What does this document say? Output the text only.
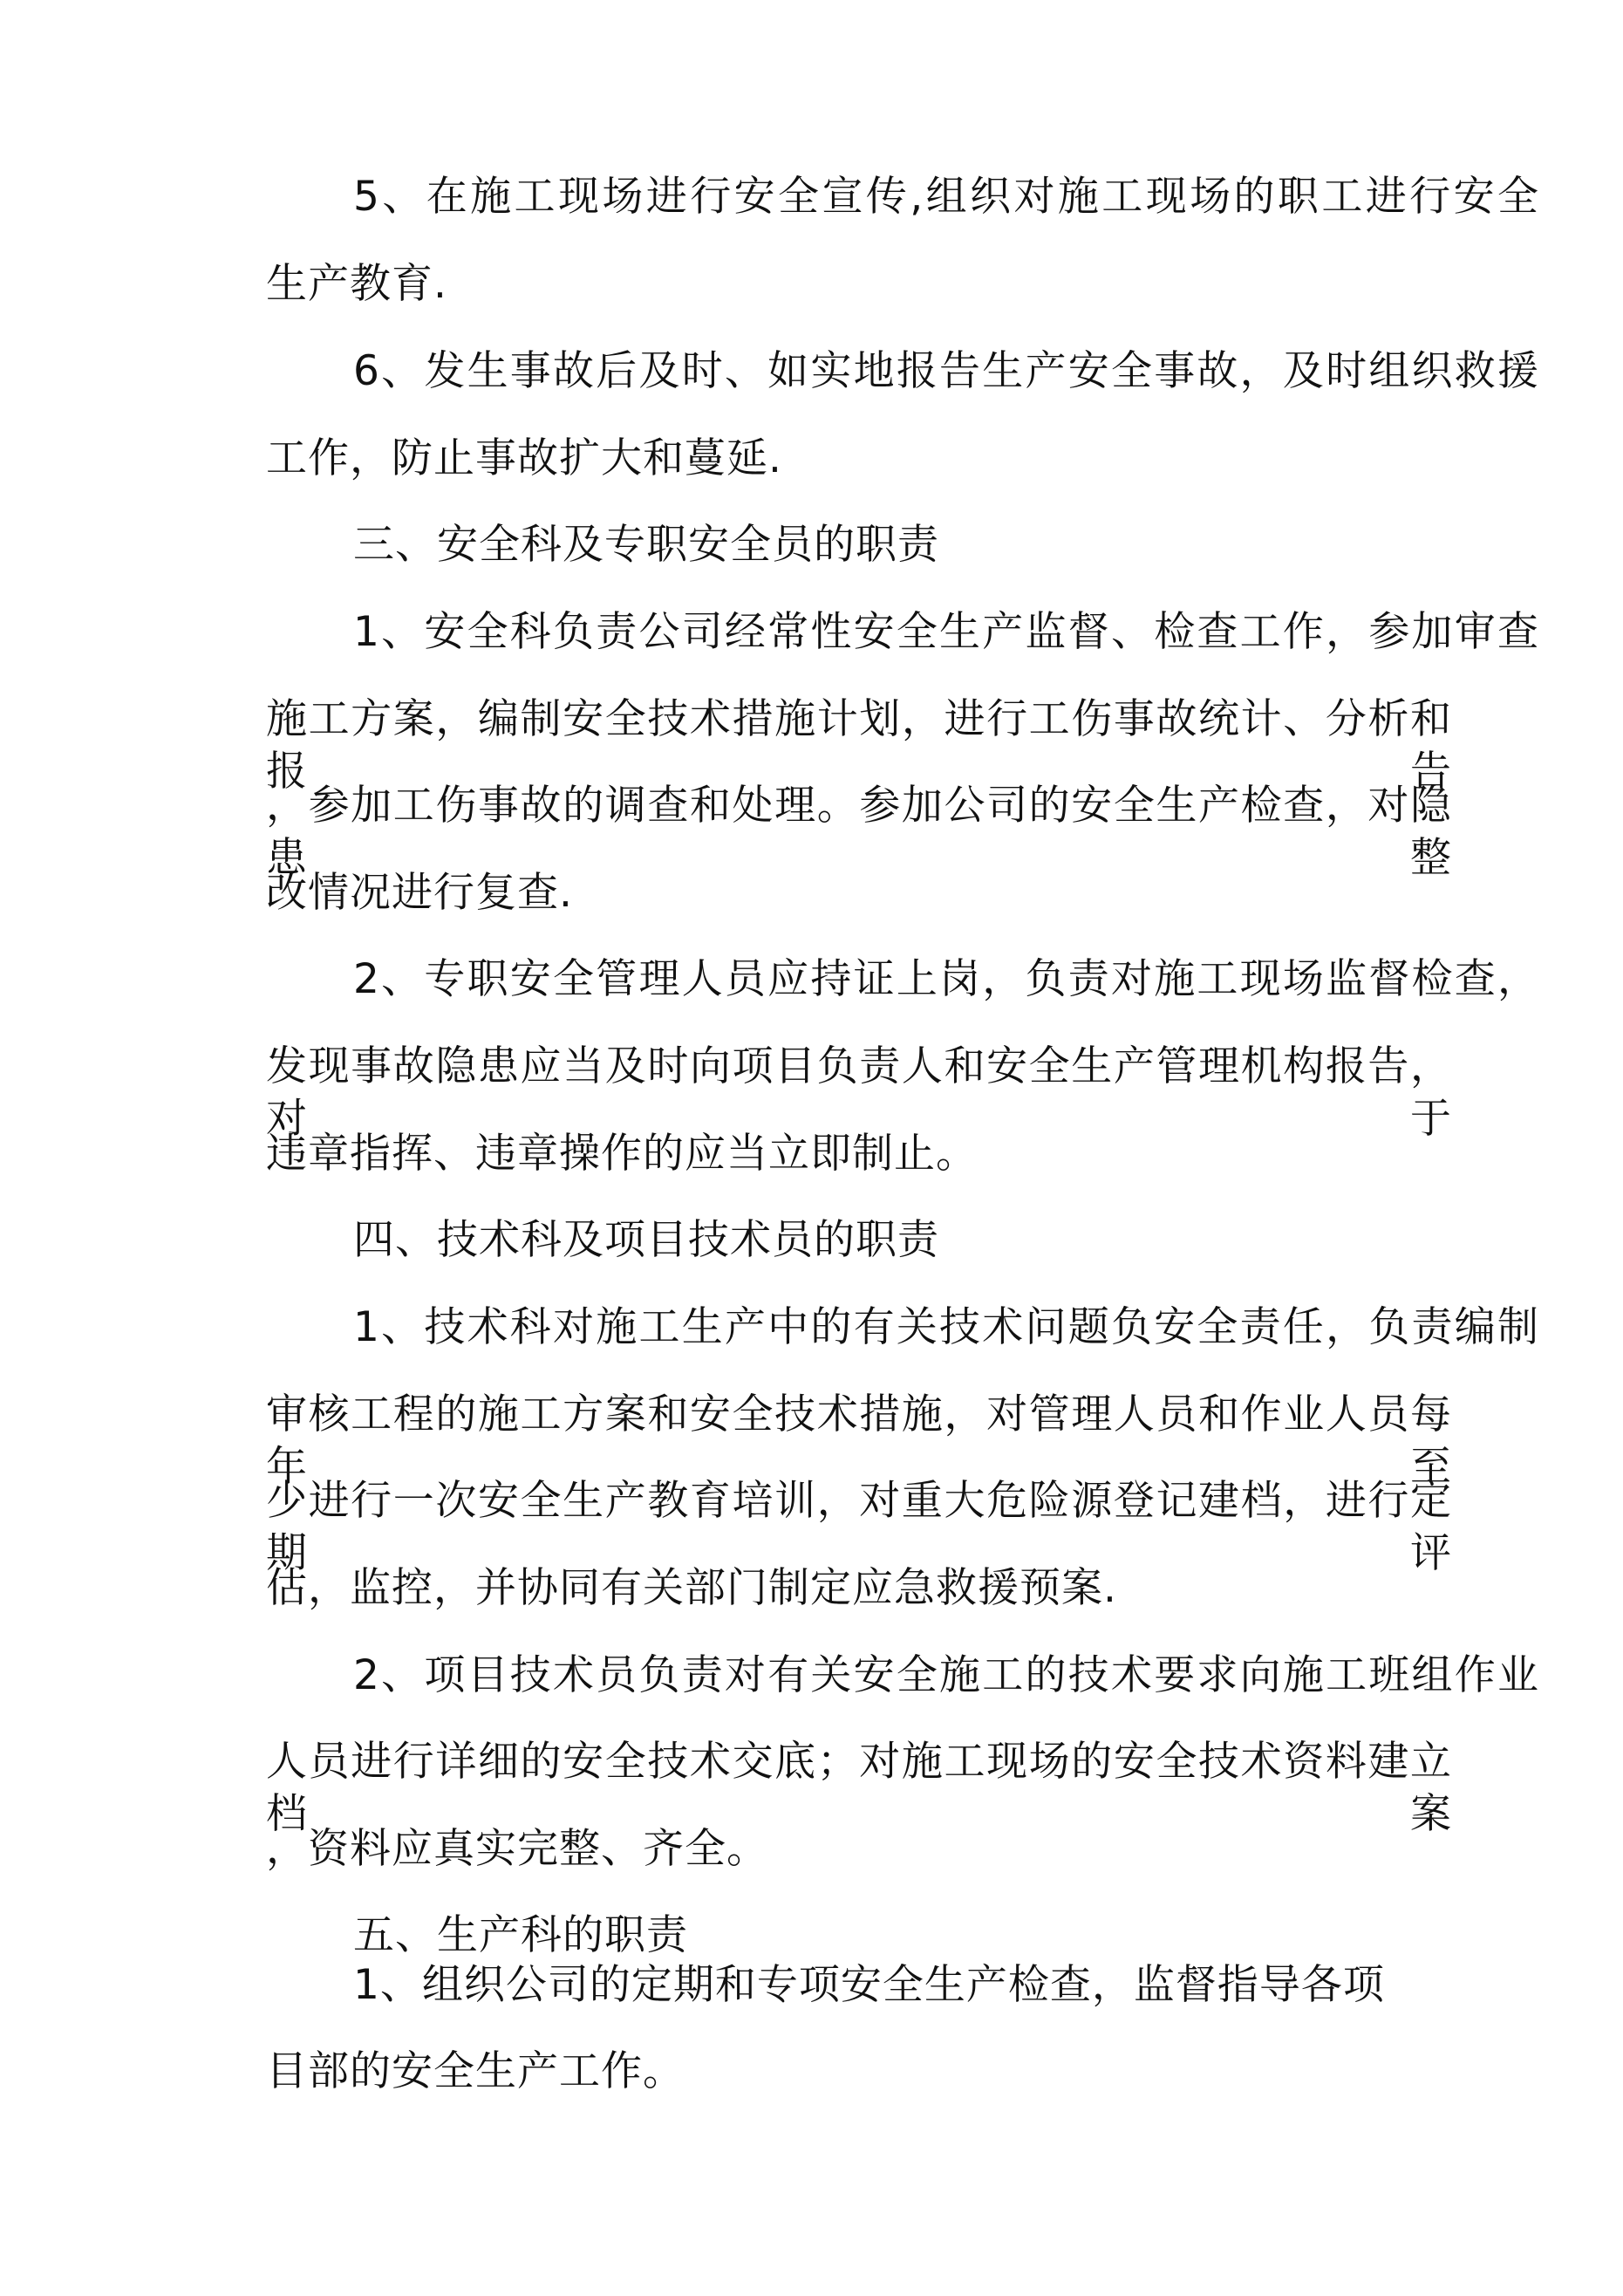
5、在施工现场进行安全宣传,组织对施工现场的职工进行安全
生产教育.
6、发生事故后及时、如实地报告生产安全事故，及时组织救援
工作，防止事故扩大和蔓延.
三、安全科及专职安全员的职责
1、安全科负责公司经常性安全生产监督、检查工作，参加审查
施工方案，编制安全技术措施计划，进行工伤事故统计、分析和报告
，参加工伤事故的调查和处理。参加公司的安全生产检查，对隐患整
改情况进行复查.
2、专职安全管理人员应持证上岗，负责对施工现场监督检查，
发现事故隐患应当及时向项目负责人和安全生产管理机构报告，对于
违章指挥、违章操作的应当立即制止。
四、技术科及项目技术员的职责
1、技术科对施工生产中的有关技术问题负安全责任，负责编制
审核工程的施工方案和安全技术措施，对管理人员和作业人员每年至
少进行一次安全生产教育培训，对重大危险源登记建档，进行定期评
估，监控，并协同有关部门制定应急救援预案.
2、项目技术员负责对有关安全施工的技术要求向施工班组作业
人员进行详细的安全技术交底；对施工现场的安全技术资料建立档案
，资料应真实完整、齐全。
五、生产科的职责
1、组织公司的定期和专项安全生产检查，监督指导各项
目部的安全生产工作。
